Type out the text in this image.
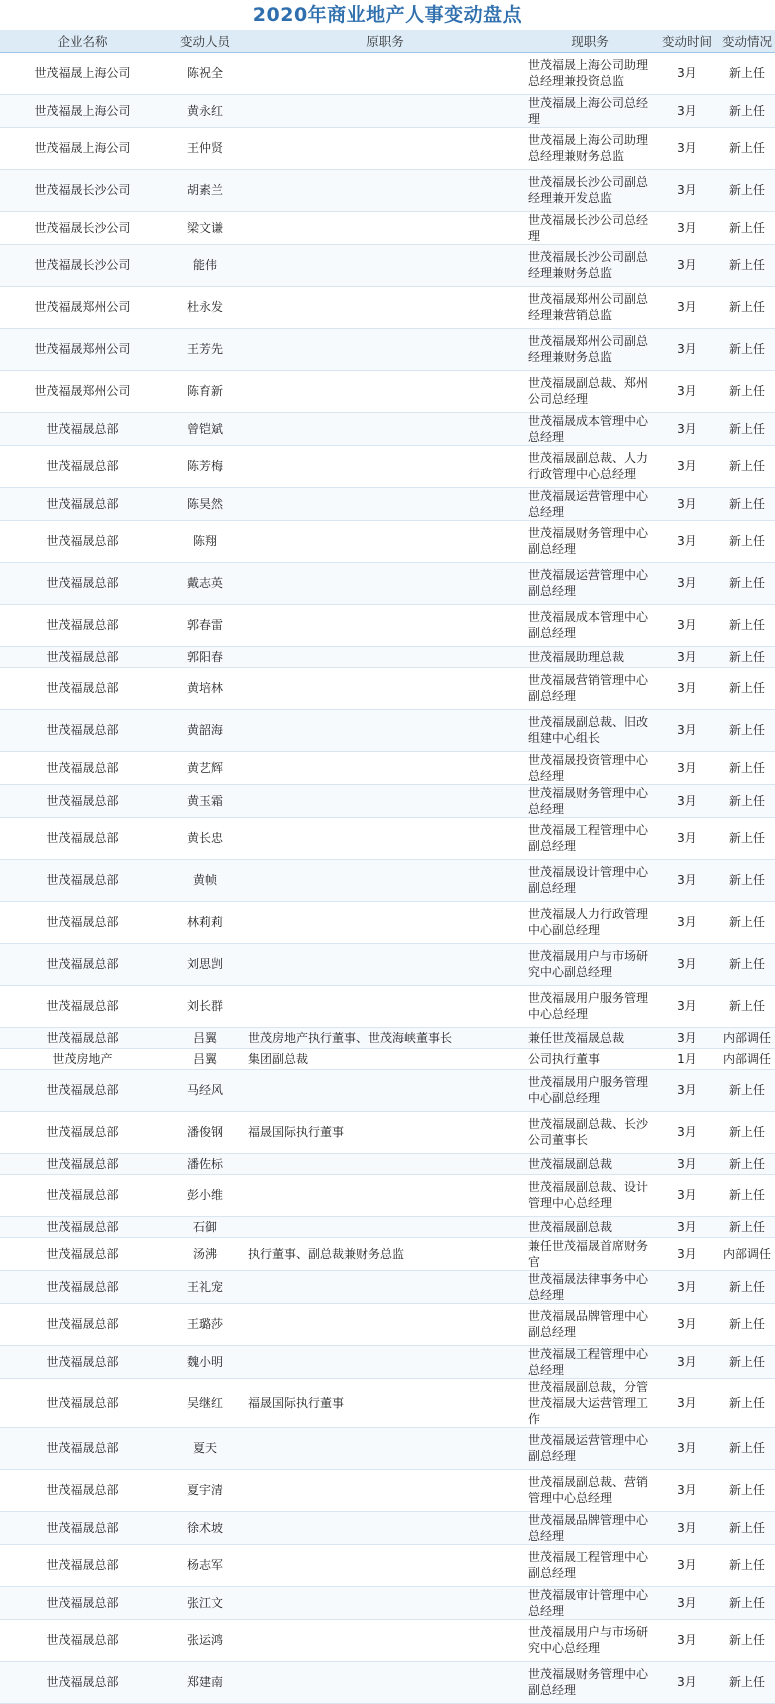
2020年商业地产人事变动盘点
企业名称	变动人员	原职务	现职务	变动时间	变动情况
世茂福晟上海公司	陈祝全		世茂福晟上海公司助理总经理兼投资总监	3月	新上任
世茂福晟上海公司	黄永红		世茂福晟上海公司总经理	3月	新上任
世茂福晟上海公司	王仲贤		世茂福晟上海公司助理总经理兼财务总监	3月	新上任
世茂福晟长沙公司	胡素兰		世茂福晟长沙公司副总经理兼开发总监	3月	新上任
世茂福晟长沙公司	梁文谦		世茂福晟长沙公司总经理	3月	新上任
世茂福晟长沙公司	能伟		世茂福晟长沙公司副总经理兼财务总监	3月	新上任
世茂福晟郑州公司	杜永发		世茂福晟郑州公司副总经理兼营销总监	3月	新上任
世茂福晟郑州公司	王芳先		世茂福晟郑州公司副总经理兼财务总监	3月	新上任
世茂福晟郑州公司	陈育新		世茂福晟副总裁、郑州公司总经理	3月	新上任
世茂福晟总部	曾铠斌		世茂福晟成本管理中心总经理	3月	新上任
世茂福晟总部	陈芳梅		世茂福晟副总裁、人力行政管理中心总经理	3月	新上任
世茂福晟总部	陈昊然		世茂福晟运营管理中心总经理	3月	新上任
世茂福晟总部	陈翔		世茂福晟财务管理中心副总经理	3月	新上任
世茂福晟总部	戴志英		世茂福晟运营管理中心副总经理	3月	新上任
世茂福晟总部	郭春雷		世茂福晟成本管理中心副总经理	3月	新上任
世茂福晟总部	郭阳春		世茂福晟助理总裁	3月	新上任
世茂福晟总部	黄培林		世茂福晟营销管理中心副总经理	3月	新上任
世茂福晟总部	黄韶海		世茂福晟副总裁、旧改组建中心组长	3月	新上任
世茂福晟总部	黄艺辉		世茂福晟投资管理中心总经理	3月	新上任
世茂福晟总部	黄玉霜		世茂福晟财务管理中心总经理	3月	新上任
世茂福晟总部	黄长忠		世茂福晟工程管理中心副总经理	3月	新上任
世茂福晟总部	黄帧		世茂福晟设计管理中心副总经理	3月	新上任
世茂福晟总部	林莉莉		世茂福晟人力行政管理中心副总经理	3月	新上任
世茂福晟总部	刘思剀		世茂福晟用户与市场研究中心副总经理	3月	新上任
世茂福晟总部	刘长群		世茂福晟用户服务管理中心总经理	3月	新上任
世茂福晟总部	吕翼	世茂房地产执行董事、世茂海峡董事长	兼任世茂福晟总裁	3月	内部调任
世茂房地产	吕翼	集团副总裁	公司执行董事	1月	内部调任
世茂福晟总部	马经风		世茂福晟用户服务管理中心副总经理	3月	新上任
世茂福晟总部	潘俊钢	福晟国际执行董事	世茂福晟副总裁、长沙公司董事长	3月	新上任
世茂福晟总部	潘佐标		世茂福晟副总裁	3月	新上任
世茂福晟总部	彭小维		世茂福晟副总裁、设计管理中心总经理	3月	新上任
世茂福晟总部	石御		世茂福晟副总裁	3月	新上任
世茂福晟总部	汤沸	执行董事、副总裁兼财务总监	兼任世茂福晟首席财务官	3月	内部调任
世茂福晟总部	王礼宠		世茂福晟法律事务中心总经理	3月	新上任
世茂福晟总部	王璐莎		世茂福晟品牌管理中心副总经理	3月	新上任
世茂福晟总部	魏小明		世茂福晟工程管理中心总经理	3月	新上任
世茂福晟总部	吴继红	福晟国际执行董事	世茂福晟副总裁，分管世茂福晟大运营管理工作	3月	新上任
世茂福晟总部	夏天		世茂福晟运营管理中心副总经理	3月	新上任
世茂福晟总部	夏宇清		世茂福晟副总裁、营销管理中心总经理	3月	新上任
世茂福晟总部	徐术坡		世茂福晟品牌管理中心总经理	3月	新上任
世茂福晟总部	杨志军		世茂福晟工程管理中心副总经理	3月	新上任
世茂福晟总部	张江文		世茂福晟审计管理中心总经理	3月	新上任
世茂福晟总部	张运鸿		世茂福晟用户与市场研究中心总经理	3月	新上任
世茂福晟总部	郑建南		世茂福晟财务管理中心副总经理	3月	新上任
